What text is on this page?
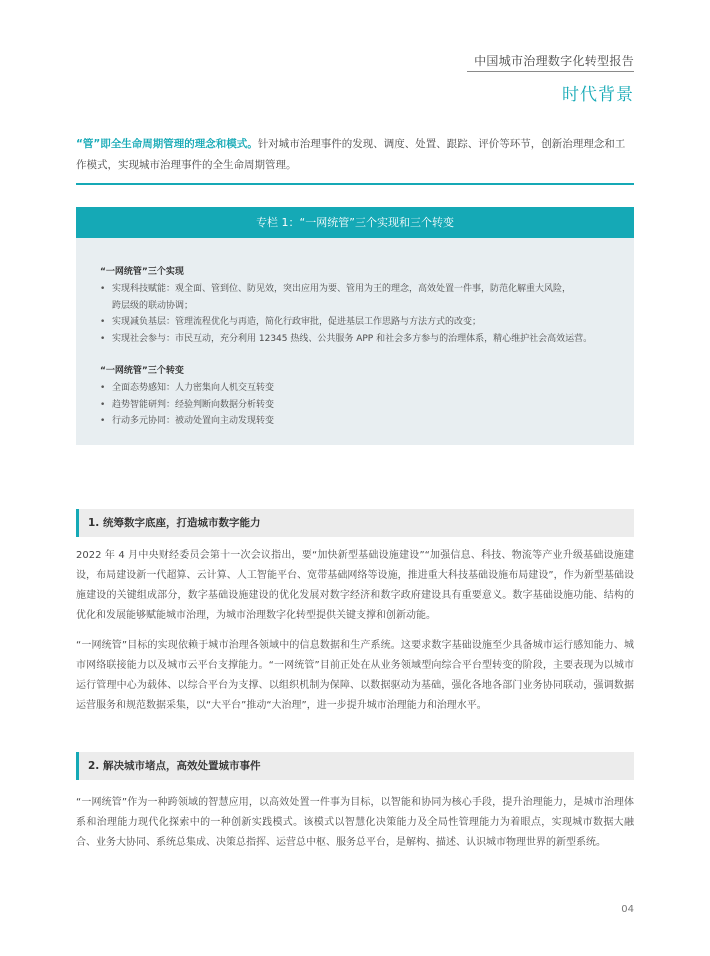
中国城市治理数字化转型报告
时代背景
“管”即全生命周期管理的理念和模式。针对城市治理事件的发现、调度、处置、跟踪、评价等环节，创新治理理念和工作模式，实现城市治理事件的全生命周期管理。
专栏 1：“一网统管”三个实现和三个转变
“一网统管”三个实现
• 实现科技赋能：观全面、管到位、防见效，突出应用为要、管用为王的理念，高效处置一件事，防范化解重大风险，
跨层级的联动协调；
• 实现减负基层：管理流程优化与再造，简化行政审批，促进基层工作思路与方法方式的改变；
• 实现社会参与：市民互动，充分利用 12345 热线、公共服务 APP 和社会多方参与的治理体系，精心维护社会高效运营。
“一网统管”三个转变
• 全面态势感知：人力密集向人机交互转变
• 趋势智能研判：经验判断向数据分析转变
• 行动多元协同：被动处置向主动发现转变
1. 统筹数字底座，打造城市数字能力
2022 年 4 月中央财经委员会第十一次会议指出，要“加快新型基础设施建设”“加强信息、科技、物流等产业升级基础设施建设，布局建设新一代超算、云计算、人工智能平台、宽带基础网络等设施，推进重大科技基础设施布局建设”，作为新型基础设施建设的关键组成部分，数字基础设施建设的优化发展对数字经济和数字政府建设具有重要意义。数字基础设施功能、结构的优化和发展能够赋能城市治理，为城市治理数字化转型提供关键支撑和创新动能。
“一网统管”目标的实现依赖于城市治理各领域中的信息数据和生产系统。这要求数字基础设施至少具备城市运行感知能力、城市网络联接能力以及城市云平台支撑能力。“一网统管”目前正处在从业务领域型向综合平台型转变的阶段，主要表现为以城市运行管理中心为载体、以综合平台为支撑、以组织机制为保障、以数据驱动为基础，强化各地各部门业务协同联动，强调数据运营服务和规范数据采集，以“大平台”推动“大治理”，进一步提升城市治理能力和治理水平。
2. 解决城市堵点，高效处置城市事件
“一网统管”作为一种跨领域的智慧应用，以高效处置一件事为目标，以智能和协同为核心手段，提升治理能力，是城市治理体系和治理能力现代化探索中的一种创新实践模式。该模式以智慧化决策能力及全局性管理能力为着眼点，实现城市数据大融合、业务大协同、系统总集成、决策总指挥、运营总中枢、服务总平台，是解构、描述、认识城市物理世界的新型系统。
04
